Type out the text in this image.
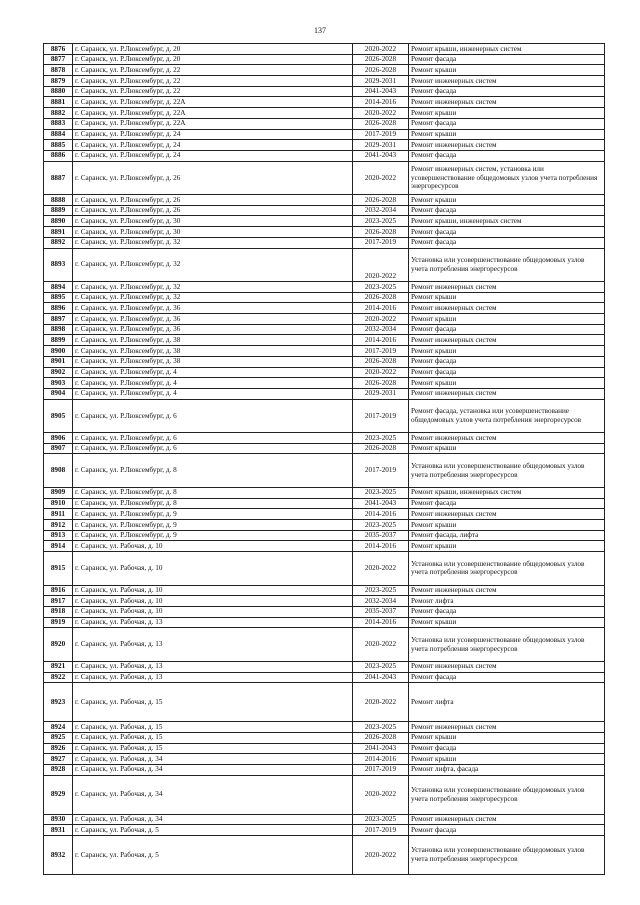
137
8876	г. Саранск, ул. Р.Люксембург, д. 20	2020-2022	Ремонт крыши, инженерных систем
8877	г. Саранск, ул. Р.Люксембург, д. 20	2026-2028	Ремонт фасада
8878	г. Саранск, ул. Р.Люксембург, д. 22	2026-2028	Ремонт крыши
8879	г. Саранск, ул. Р.Люксембург, д. 22	2029-2031	Ремонт инженерных систем
8880	г. Саранск, ул. Р.Люксембург, д. 22	2041-2043	Ремонт фасада
8881	г. Саранск, ул. Р.Люксембург, д. 22А	2014-2016	Ремонт инженерных систем
8882	г. Саранск, ул. Р.Люксембург, д. 22А	2020-2022	Ремонт крыши
8883	г. Саранск, ул. Р.Люксембург, д. 22А	2026-2028	Ремонт фасада
8884	г. Саранск, ул. Р.Люксембург, д. 24	2017-2019	Ремонт крыши
8885	г. Саранск, ул. Р.Люксембург, д. 24	2029-2031	Ремонт инженерных систем
8886	г. Саранск, ул. Р.Люксембург, д. 24	2041-2043	Ремонт фасада
8887	г. Саранск, ул. Р.Люксембург, д. 26	2020-2022	Ремонт инженерных систем, установка или усовершенствование общедомовых узлов учета потребления энергоресурсов
8888	г. Саранск, ул. Р.Люксембург, д. 26	2026-2028	Ремонт крыши
8889	г. Саранск, ул. Р.Люксембург, д. 26	2032-2034	Ремонт фасада
8890	г. Саранск, ул. Р.Люксембург, д. 30	2023-2025	Ремонт крыши, инженерных систем
8891	г. Саранск, ул. Р.Люксембург, д. 30	2026-2028	Ремонт фасада
8892	г. Саранск, ул. Р.Люксембург, д. 32	2017-2019	Ремонт фасада
8893	г. Саранск, ул. Р.Люксембург, д. 32	2020-2022	Установка или усовершенствование общедомовых узлов учета потребления энергоресурсов
8894	г. Саранск, ул. Р.Люксембург, д. 32	2023-2025	Ремонт инженерных систем
8895	г. Саранск, ул. Р.Люксембург, д. 32	2026-2028	Ремонт крыши
8896	г. Саранск, ул. Р.Люксембург, д. 36	2014-2016	Ремонт инженерных систем
8897	г. Саранск, ул. Р.Люксембург, д. 36	2020-2022	Ремонт крыши
8898	г. Саранск, ул. Р.Люксембург, д. 36	2032-2034	Ремонт фасада
8899	г. Саранск, ул. Р.Люксембург, д. 38	2014-2016	Ремонт инженерных систем
8900	г. Саранск, ул. Р.Люксембург, д. 38	2017-2019	Ремонт крыши
8901	г. Саранск, ул. Р.Люксембург, д. 38	2026-2028	Ремонт фасада
8902	г. Саранск, ул. Р.Люксембург, д. 4	2020-2022	Ремонт фасада
8903	г. Саранск, ул. Р.Люксембург, д. 4	2026-2028	Ремонт крыши
8904	г. Саранск, ул. Р.Люксембург, д. 4	2029-2031	Ремонт инженерных систем
8905	г. Саранск, ул. Р.Люксембург, д. 6	2017-2019	Ремонт фасада, установка или усовершенствование общедомовых узлов учета потребления энергоресурсов
8906	г. Саранск, ул. Р.Люксембург, д. 6	2023-2025	Ремонт инженерных систем
8907	г. Саранск, ул. Р.Люксембург, д. 6	2026-2028	Ремонт крыши
8908	г. Саранск, ул. Р.Люксембург, д. 8	2017-2019	Установка или усовершенствование общедомовых узлов учета потребления энергоресурсов
8909	г. Саранск, ул. Р.Люксембург, д. 8	2023-2025	Ремонт крыши, инженерных систем
8910	г. Саранск, ул. Р.Люксембург, д. 8	2041-2043	Ремонт фасада
8911	г. Саранск, ул. Р.Люксембург, д. 9	2014-2016	Ремонт инженерных систем
8912	г. Саранск, ул. Р.Люксембург, д. 9	2023-2025	Ремонт крыши
8913	г. Саранск, ул. Р.Люксембург, д. 9	2035-2037	Ремонт фасада, лифта
8914	г. Саранск, ул. Рабочая, д. 10	2014-2016	Ремонт крыши
8915	г. Саранск, ул. Рабочая, д. 10	2020-2022	Установка или усовершенствование общедомовых узлов учета потребления энергоресурсов
8916	г. Саранск, ул. Рабочая, д. 10	2023-2025	Ремонт инженерных систем
8917	г. Саранск, ул. Рабочая, д. 10	2032-2034	Ремонт лифта
8918	г. Саранск, ул. Рабочая, д. 10	2035-2037	Ремонт фасада
8919	г. Саранск, ул. Рабочая, д. 13	2014-2016	Ремонт крыши
8920	г. Саранск, ул. Рабочая, д. 13	2020-2022	Установка или усовершенствование общедомовых узлов учета потребления энергоресурсов
8921	г. Саранск, ул. Рабочая, д. 13	2023-2025	Ремонт инженерных систем
8922	г. Саранск, ул. Рабочая, д. 13	2041-2043	Ремонт фасада
8923	г. Саранск, ул. Рабочая, д. 15	2020-2022	Ремонт лифта
8924	г. Саранск, ул. Рабочая, д. 15	2023-2025	Ремонт инженерных систем
8925	г. Саранск, ул. Рабочая, д. 15	2026-2028	Ремонт крыши
8926	г. Саранск, ул. Рабочая, д. 15	2041-2043	Ремонт фасада
8927	г. Саранск, ул. Рабочая, д. 34	2014-2016	Ремонт крыши
8928	г. Саранск, ул. Рабочая, д. 34	2017-2019	Ремонт лифта, фасада
8929	г. Саранск, ул. Рабочая, д. 34	2020-2022	Установка или усовершенствование общедомовых узлов учета потребления энергоресурсов
8930	г. Саранск, ул. Рабочая, д. 34	2023-2025	Ремонт инженерных систем
8931	г. Саранск, ул. Рабочая, д. 5	2017-2019	Ремонт фасада
8932	г. Саранск, ул. Рабочая, д. 5	2020-2022	Установка или усовершенствование общедомовых узлов учета потребления энергоресурсов
